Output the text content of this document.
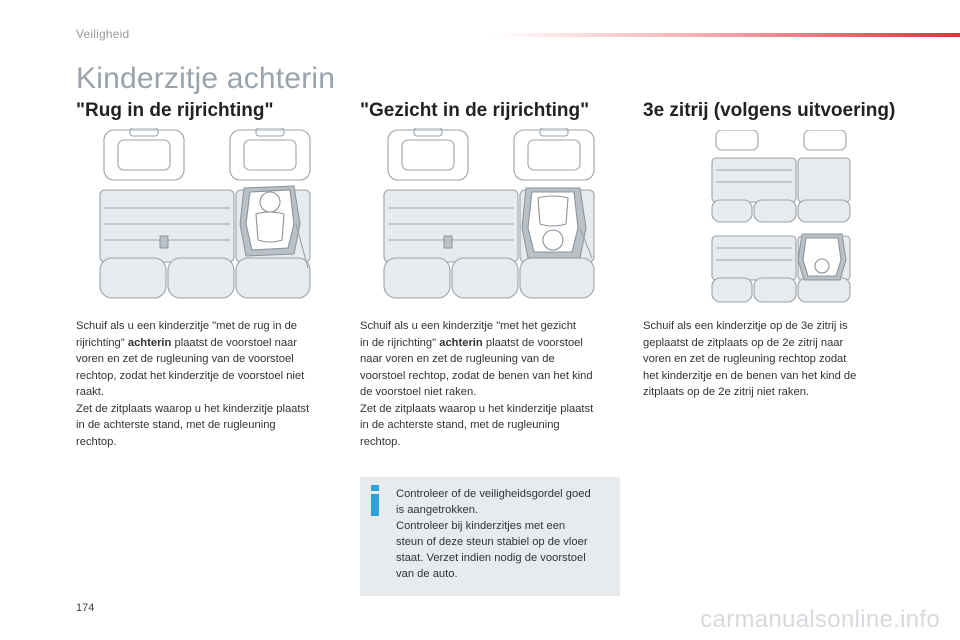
Veiligheid
Kinderzitje achterin
"Rug in de rijrichting"	"Gezicht in de rijrichting"	3e zitrij (volgens uitvoering)
Schuif als u een kinderzitje "met de rug in de
rijrichting" achterin plaatst de voorstoel naar
voren en zet de rugleuning van de voorstoel
rechtop, zodat het kinderzitje de voorstoel niet
raakt.
Zet de zitplaats waarop u het kinderzitje plaatst
in de achterste stand, met de rugleuning
rechtop.
Schuif als u een kinderzitje "met het gezicht
in de rijrichting" achterin plaatst de voorstoel
naar voren en zet de rugleuning van de
voorstoel rechtop, zodat de benen van het kind
de voorstoel niet raken.
Zet de zitplaats waarop u het kinderzitje plaatst
in de achterste stand, met de rugleuning
rechtop.
Schuif als een kinderzitje op de 3e zitrij is
geplaatst de zitplaats op de 2e zitrij naar
voren en zet de rugleuning rechtop zodat
het kinderzitje en de benen van het kind de
zitplaats op de 2e zitrij niet raken.
Controleer of de veiligheidsgordel goed
is aangetrokken.
Controleer bij kinderzitjes met een
steun of deze steun stabiel op de vloer
staat. Verzet indien nodig de voorstoel
van de auto.
174	carmanualsonline.info
